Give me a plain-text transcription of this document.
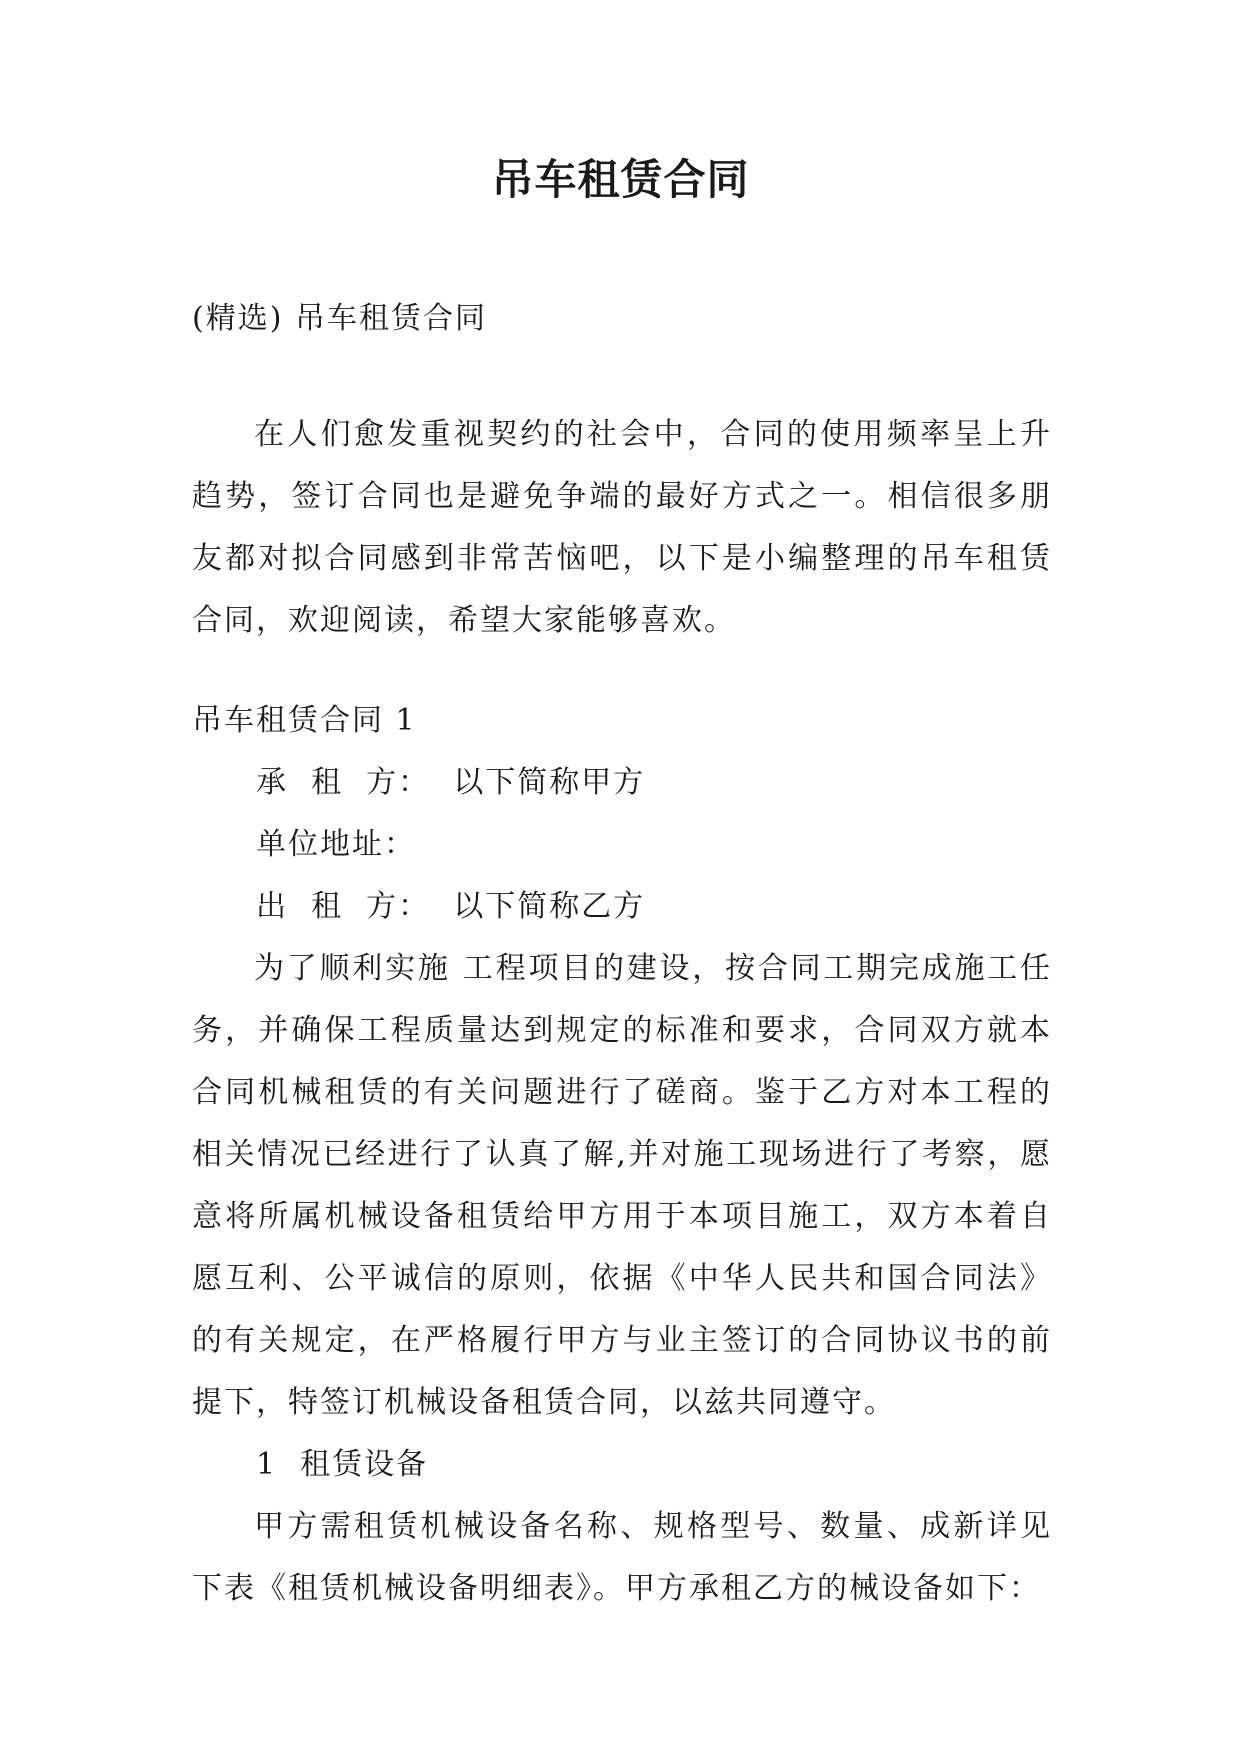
吊车租赁合同
(精选) 吊车租赁合同
在人们愈发重视契约的社会中，合同的使用频率呈上升趋势，签订合同也是避免争端的最好方式之一。相信很多朋友都对拟合同感到非常苦恼吧，以下是小编整理的吊车租赁合同，欢迎阅读，希望大家能够喜欢。
吊车租赁合同 1
承  租  方：  以下简称甲方
单位地址：
出  租  方：  以下简称乙方
为了顺利实施 工程项目的建设，按合同工期完成施工任务，并确保工程质量达到规定的标准和要求，合同双方就本合同机械租赁的有关问题进行了磋商。鉴于乙方对本工程的相关情况已经进行了认真了解,并对施工现场进行了考察，愿意将所属机械设备租赁给甲方用于本项目施工，双方本着自愿互利、公平诚信的原则，依据《中华人民共和国合同法》的有关规定，在严格履行甲方与业主签订的合同协议书的前提下，特签订机械设备租赁合同，以兹共同遵守。
1  租赁设备
甲方需租赁机械设备名称、规格型号、数量、成新详见下表《租赁机械设备明细表》。甲方承租乙方的械设备如下：
